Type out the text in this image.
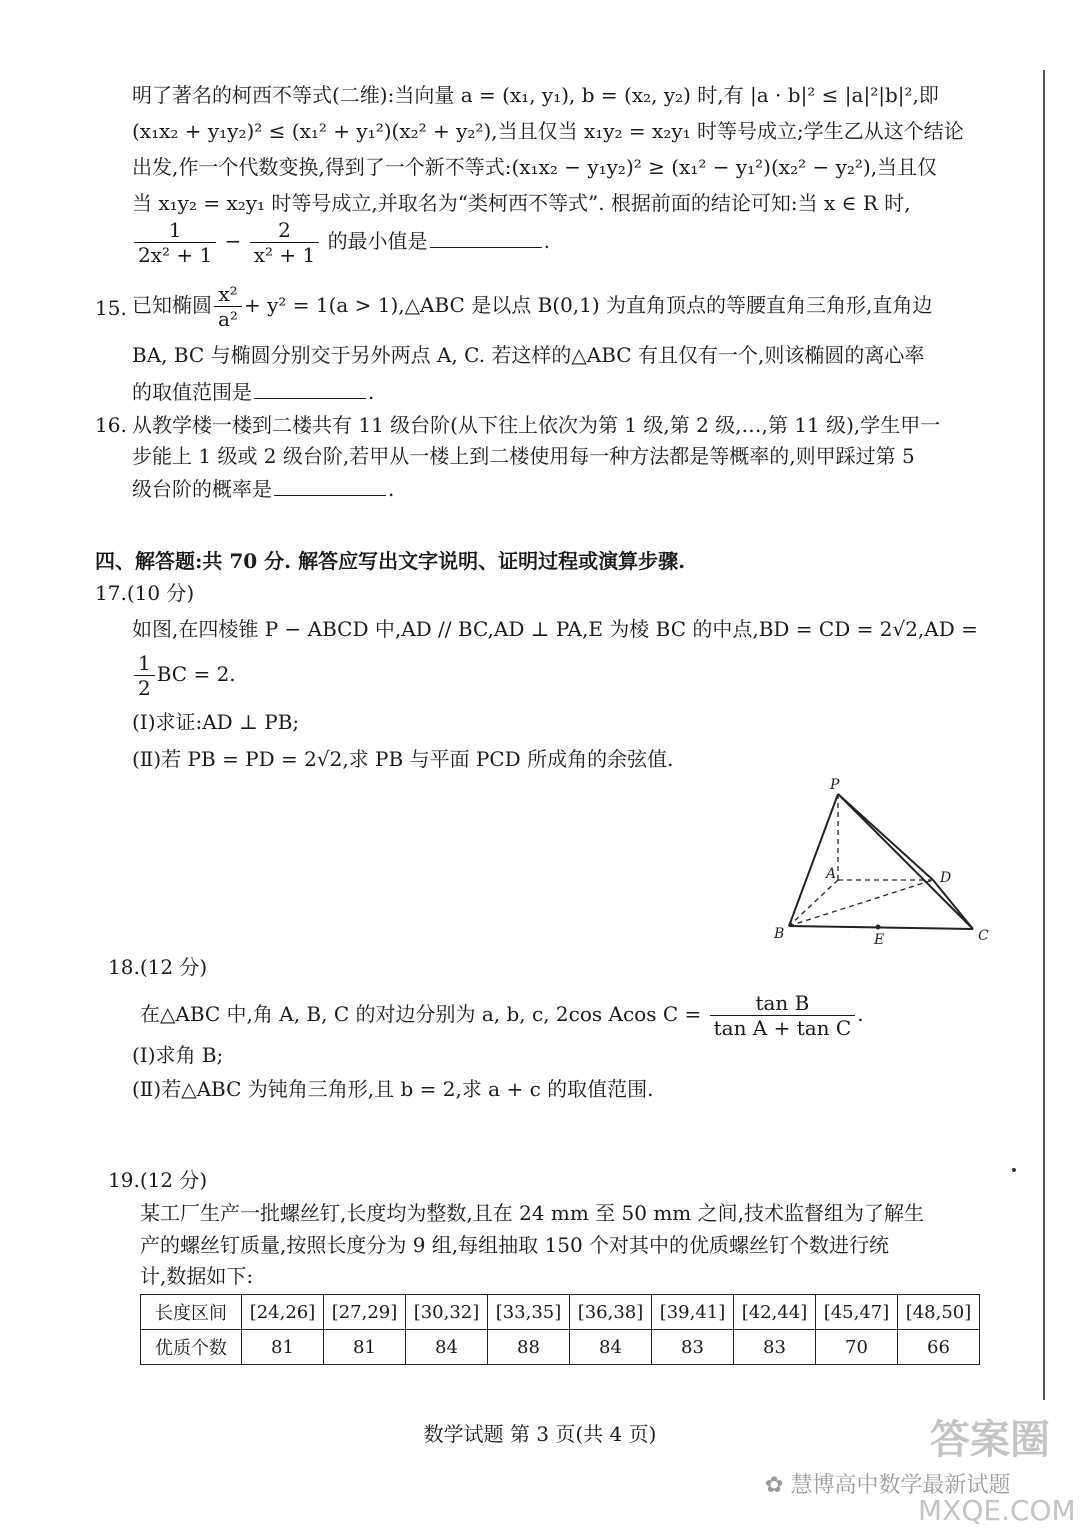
明了著名的柯西不等式(二维):当向量 a = (x₁, y₁), b = (x₂, y₂) 时,有 |a · b|² ≤ |a|²|b|²,即
(x₁x₂ + y₁y₂)² ≤ (x₁² + y₁²)(x₂² + y₂²),当且仅当 x₁y₂ = x₂y₁ 时等号成立;学生乙从这个结论
出发,作一个代数变换,得到了一个新不等式:(x₁x₂ − y₁y₂)² ≥ (x₁² − y₁²)(x₂² − y₂²),当且仅
当 x₁y₂ = x₂y₁ 时等号成立,并取名为“类柯西不等式”. 根据前面的结论可知:当 x ∈ R 时,
$\frac{1}{\text{2x² + 1}} - \frac{2}{\text{x² + 1}}$ 的最小值是	.
15. 已知椭圆 $\frac{\text{x²}}{\text{a²}} + y^2 = 1(a$ > 1),△ABC 是以点 B(0,1) 为直角顶点的等腰直角三角形,直角边
BA, BC 与椭圆分别交于另外两点 A, C. 若这样的△ABC 有且仅有一个,则该椭圆的离心率
的取值范围是	.
16. 从教学楼一楼到二楼共有 11 级台阶(从下往上依次为第 1 级,第 2 级,…,第 11 级),学生甲一
步能上 1 级或 2 级台阶,若甲从一楼上到二楼使用每一种方法都是等概率的,则甲踩过第 5
级台阶的概率是	.
四、解答题:共 70 分. 解答应写出文字说明、证明过程或演算步骤.
17.(10 分)
如图,在四棱锥 P − ABCD 中,AD // BC,AD ⊥ PA,E 为棱 BC 的中点,BD = CD = 2√2,AD =
$\frac{1}{2}$ BC = 2.
(Ⅰ)求证:AD ⊥ PB;
(Ⅱ)若 PB = PD = 2√2,求 PB 与平面 PCD 所成角的余弦值.
P
A	D
B	E	C
18.(12 分)
在△ABC 中,角 A, B, C 的对边分别为 a, b, c, 2cos Acos $C = \frac{\text{tan B}}{\text{tan A + tan C}}$ .
(Ⅰ)求角 B;
(Ⅱ)若△ABC 为钝角三角形,且 b = 2,求 a + c 的取值范围.
19.(12 分)
某工厂生产一批螺丝钉,长度均为整数,且在 24 mm 至 50 mm 之间,技术监督组为了解生
产的螺丝钉质量,按照长度分为 9 组,每组抽取 150 个对其中的优质螺丝钉个数进行统
计,数据如下:
长度区间	[24,26]	[27,29]	[30,32]	[33,35]	[36,38]	[39,41]	[42,44]	[45,47]	[48,50]
优质个数	81	81	84	88	84	83	83	70	66
数学试题 第 3 页(共 4 页)
✿ 慧博高中数学最新试题
答案圈
MXQE.COM
